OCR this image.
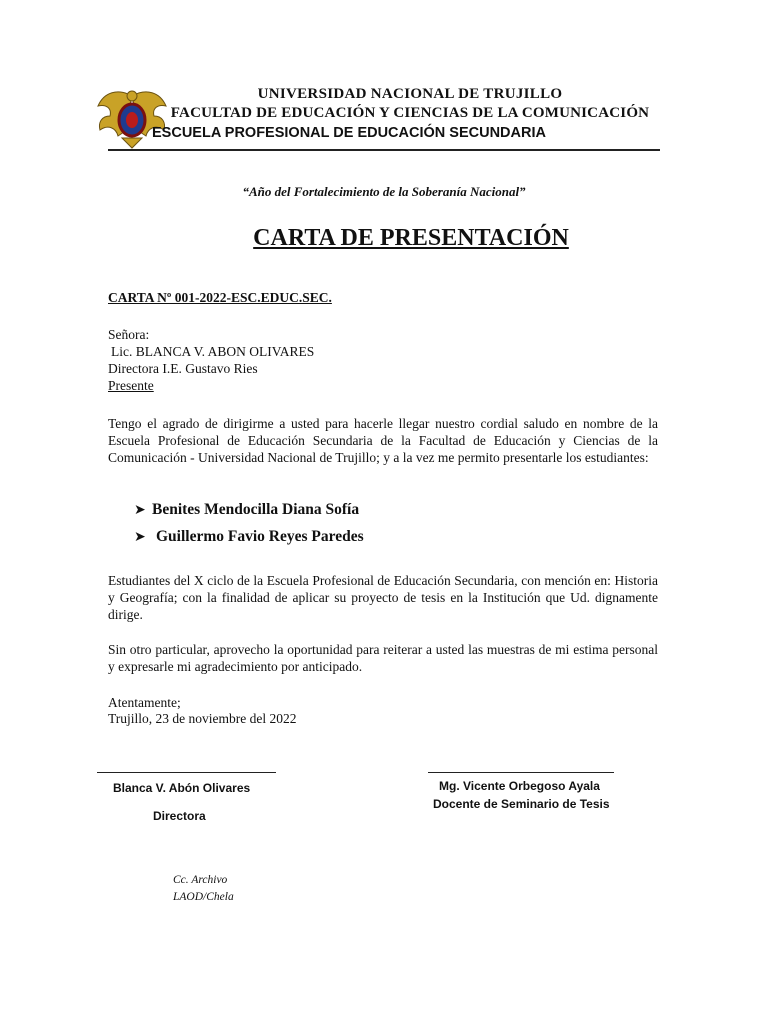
UNIVERSIDAD NACIONAL DE TRUJILLO
FACULTAD DE EDUCACIÓN Y CIENCIAS DE LA COMUNICACIÓN
ESCUELA PROFESIONAL DE EDUCACIÓN SECUNDARIA
“Año del Fortalecimiento de la Soberanía Nacional”
CARTA DE PRESENTACIÓN
CARTA Nº 001-2022-ESC.EDUC.SEC.
Señora:
Lic. BLANCA V. ABON OLIVARES
Directora I.E. Gustavo Ries
Presente
Tengo el agrado de dirigirme a usted para hacerle llegar nuestro cordial saludo en nombre de la Escuela Profesional de Educación Secundaria de la Facultad de Educación y Ciencias de la Comunicación - Universidad Nacional de Trujillo; y a la vez me permito presentarle los estudiantes:
➤ Benites Mendocilla Diana Sofía
➤ Guillermo Favio Reyes Paredes
Estudiantes del X ciclo de la Escuela Profesional de Educación Secundaria, con mención en: Historia y Geografía; con la finalidad de aplicar su proyecto de tesis en la Institución que Ud. dignamente dirige.
Sin otro particular, aprovecho la oportunidad para reiterar a usted las muestras de mi estima personal y expresarle mi agradecimiento por anticipado.
Atentamente;
Trujillo, 23 de noviembre del 2022
Blanca V. Abón Olivares
Directora
Mg. Vicente Orbegoso Ayala
Docente de Seminario de Tesis
Cc. Archivo
LAOD/Chela
